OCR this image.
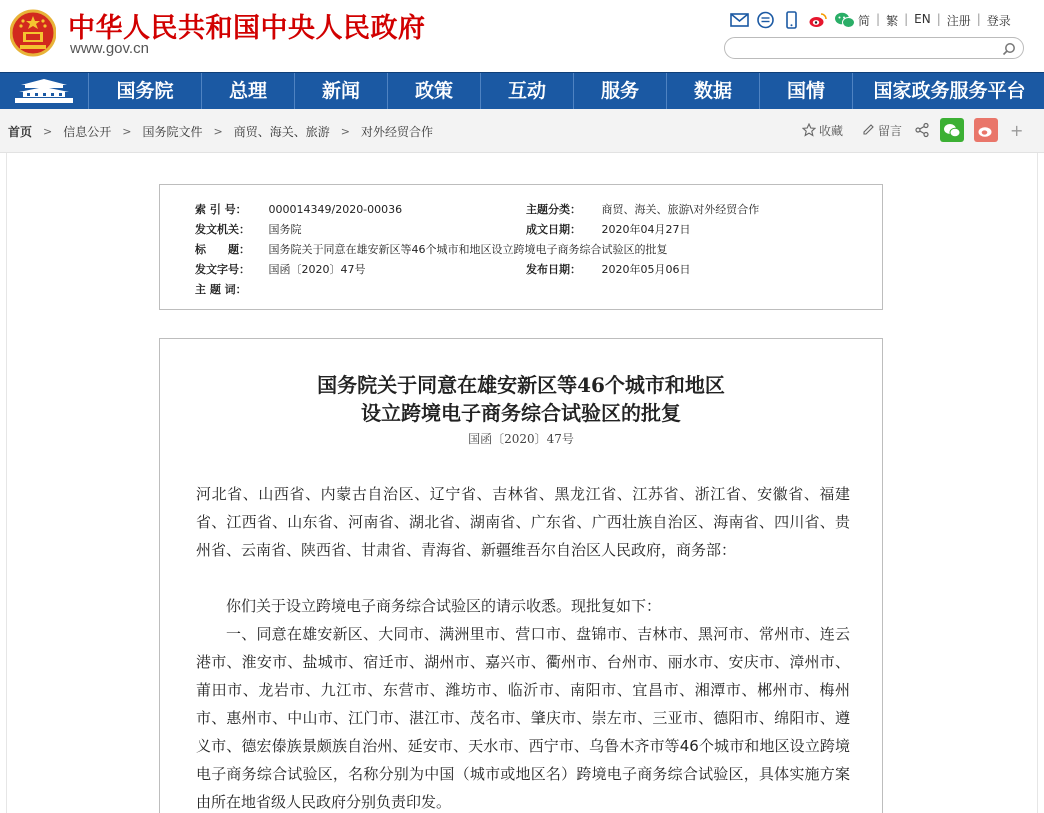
中华人民共和国中央人民政府
www.gov.cn
简 | 繁 | EN | 注册 | 登录
国务院	总理	新闻	政策	互动	服务	数据	国情	国家政务服务平台
首页 > 信息公开 > 国务院文件 > 商贸、海关、旅游 > 对外经贸合作	收藏	留言	+
索 引 号： 000014349/2020-00036	主题分类： 商贸、海关、旅游\对外经贸合作
发文机关： 国务院	成文日期： 2020年04月27日
标　　题： 国务院关于同意在雄安新区等46个城市和地区设立跨境电子商务综合试验区的批复
发文字号： 国函〔2020〕47号	发布日期： 2020年05月06日
主 题 词：
国务院关于同意在雄安新区等46个城市和地区
设立跨境电子商务综合试验区的批复
国函〔2020〕47号
河北省、山西省、内蒙古自治区、辽宁省、吉林省、黑龙江省、江苏省、浙江省、安徽省、福建省、江西省、山东省、河南省、湖北省、湖南省、广东省、广西壮族自治区、海南省、四川省、贵州省、云南省、陕西省、甘肃省、青海省、新疆维吾尔自治区人民政府，商务部：
你们关于设立跨境电子商务综合试验区的请示收悉。现批复如下：
一、同意在雄安新区、大同市、满洲里市、营口市、盘锦市、吉林市、黑河市、常州市、连云港市、淮安市、盐城市、宿迁市、湖州市、嘉兴市、衢州市、台州市、丽水市、安庆市、漳州市、莆田市、龙岩市、九江市、东营市、潍坊市、临沂市、南阳市、宜昌市、湘潭市、郴州市、梅州市、惠州市、中山市、江门市、湛江市、茂名市、肇庆市、崇左市、三亚市、德阳市、绵阳市、遵义市、德宏傣族景颇族自治州、延安市、天水市、西宁市、乌鲁木齐市等46个城市和地区设立跨境电子商务综合试验区，名称分别为中国（城市或地区名）跨境电子商务综合试验区，具体实施方案由所在地省级人民政府分别负责印发。
